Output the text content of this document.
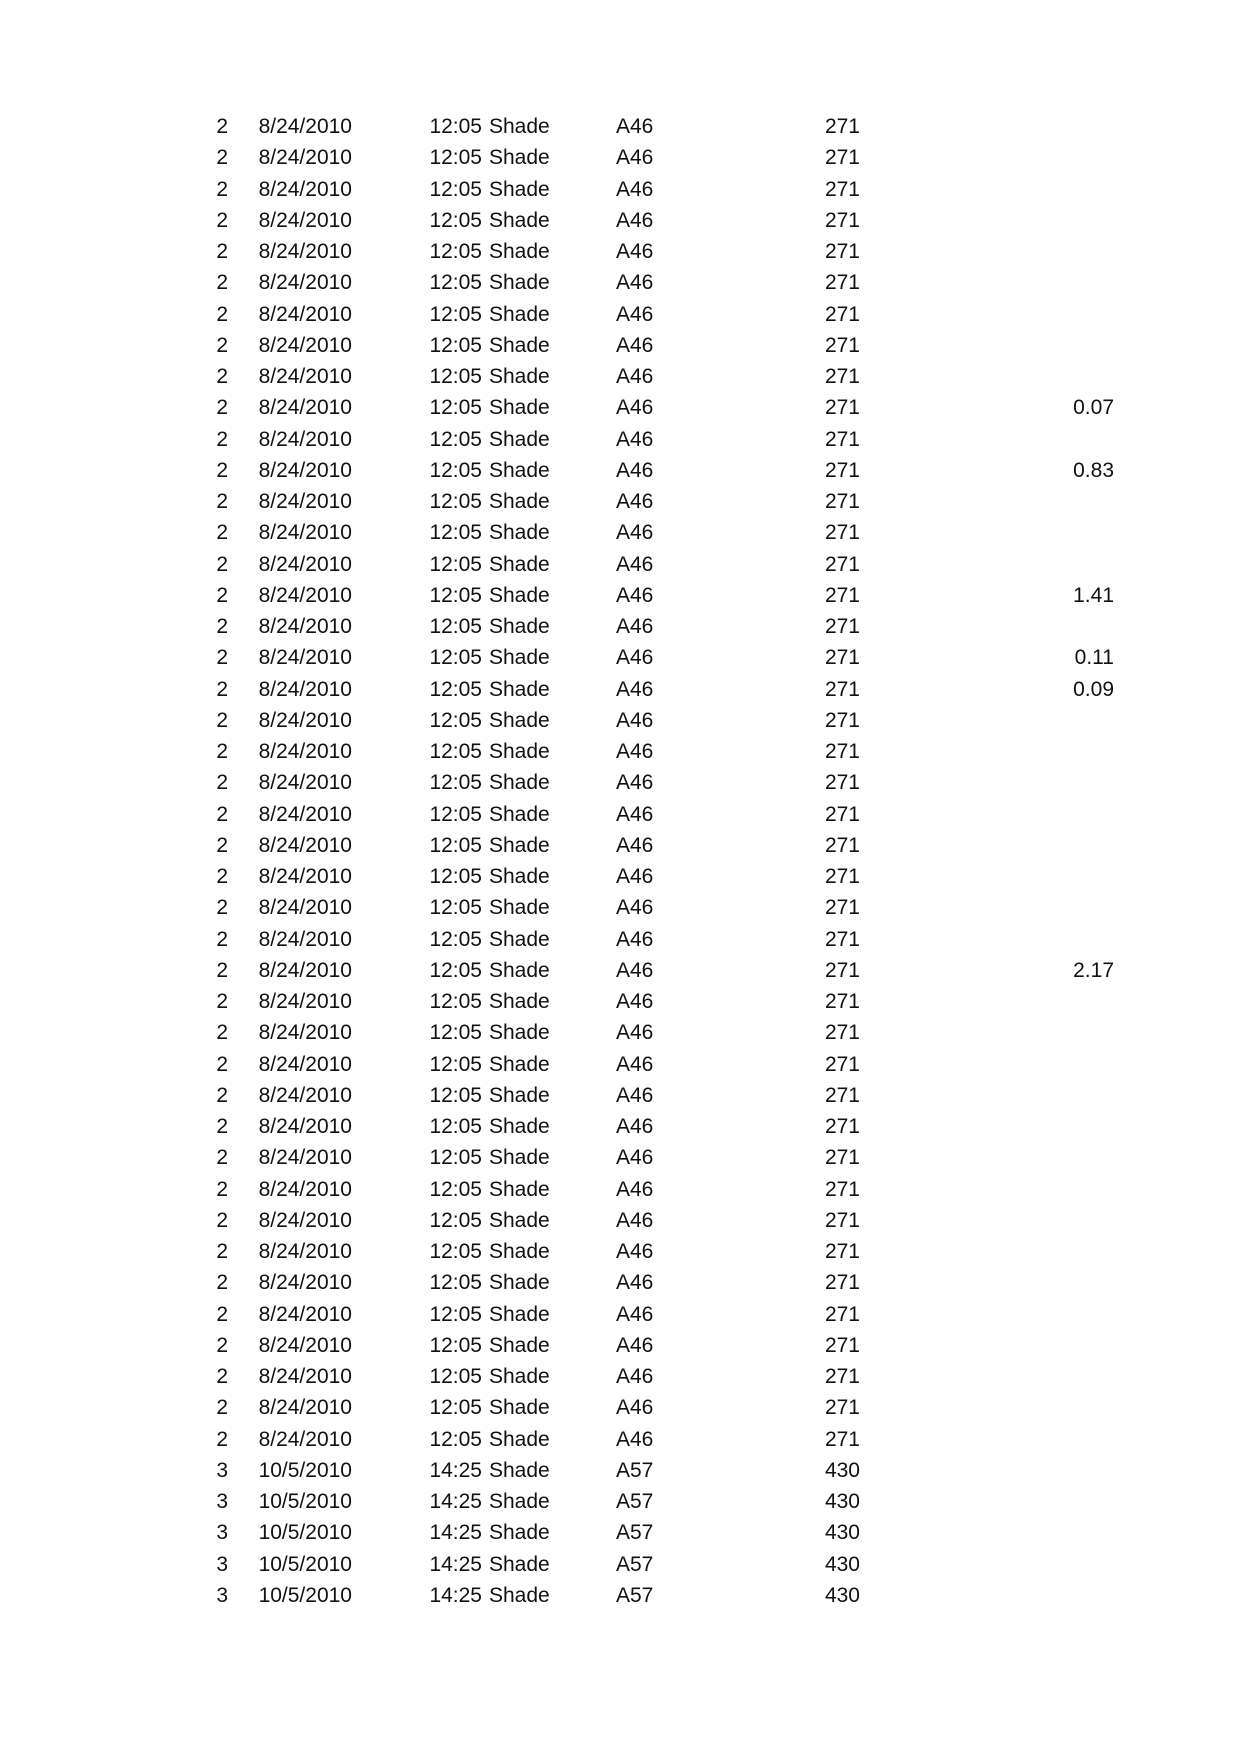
2	8/24/2010	12:05 Shade	A46	271
2	8/24/2010	12:05 Shade	A46	271
2	8/24/2010	12:05 Shade	A46	271
2	8/24/2010	12:05 Shade	A46	271
2	8/24/2010	12:05 Shade	A46	271
2	8/24/2010	12:05 Shade	A46	271
2	8/24/2010	12:05 Shade	A46	271
2	8/24/2010	12:05 Shade	A46	271
2	8/24/2010	12:05 Shade	A46	271
2	8/24/2010	12:05 Shade	A46	271	0.07
2	8/24/2010	12:05 Shade	A46	271
2	8/24/2010	12:05 Shade	A46	271	0.83
2	8/24/2010	12:05 Shade	A46	271
2	8/24/2010	12:05 Shade	A46	271
2	8/24/2010	12:05 Shade	A46	271
2	8/24/2010	12:05 Shade	A46	271	1.41
2	8/24/2010	12:05 Shade	A46	271
2	8/24/2010	12:05 Shade	A46	271	0.11
2	8/24/2010	12:05 Shade	A46	271	0.09
2	8/24/2010	12:05 Shade	A46	271
2	8/24/2010	12:05 Shade	A46	271
2	8/24/2010	12:05 Shade	A46	271
2	8/24/2010	12:05 Shade	A46	271
2	8/24/2010	12:05 Shade	A46	271
2	8/24/2010	12:05 Shade	A46	271
2	8/24/2010	12:05 Shade	A46	271
2	8/24/2010	12:05 Shade	A46	271
2	8/24/2010	12:05 Shade	A46	271	2.17
2	8/24/2010	12:05 Shade	A46	271
2	8/24/2010	12:05 Shade	A46	271
2	8/24/2010	12:05 Shade	A46	271
2	8/24/2010	12:05 Shade	A46	271
2	8/24/2010	12:05 Shade	A46	271
2	8/24/2010	12:05 Shade	A46	271
2	8/24/2010	12:05 Shade	A46	271
2	8/24/2010	12:05 Shade	A46	271
2	8/24/2010	12:05 Shade	A46	271
2	8/24/2010	12:05 Shade	A46	271
2	8/24/2010	12:05 Shade	A46	271
2	8/24/2010	12:05 Shade	A46	271
2	8/24/2010	12:05 Shade	A46	271
2	8/24/2010	12:05 Shade	A46	271
2	8/24/2010	12:05 Shade	A46	271
3	10/5/2010	14:25 Shade	A57	430
3	10/5/2010	14:25 Shade	A57	430
3	10/5/2010	14:25 Shade	A57	430
3	10/5/2010	14:25 Shade	A57	430
3	10/5/2010	14:25 Shade	A57	430
